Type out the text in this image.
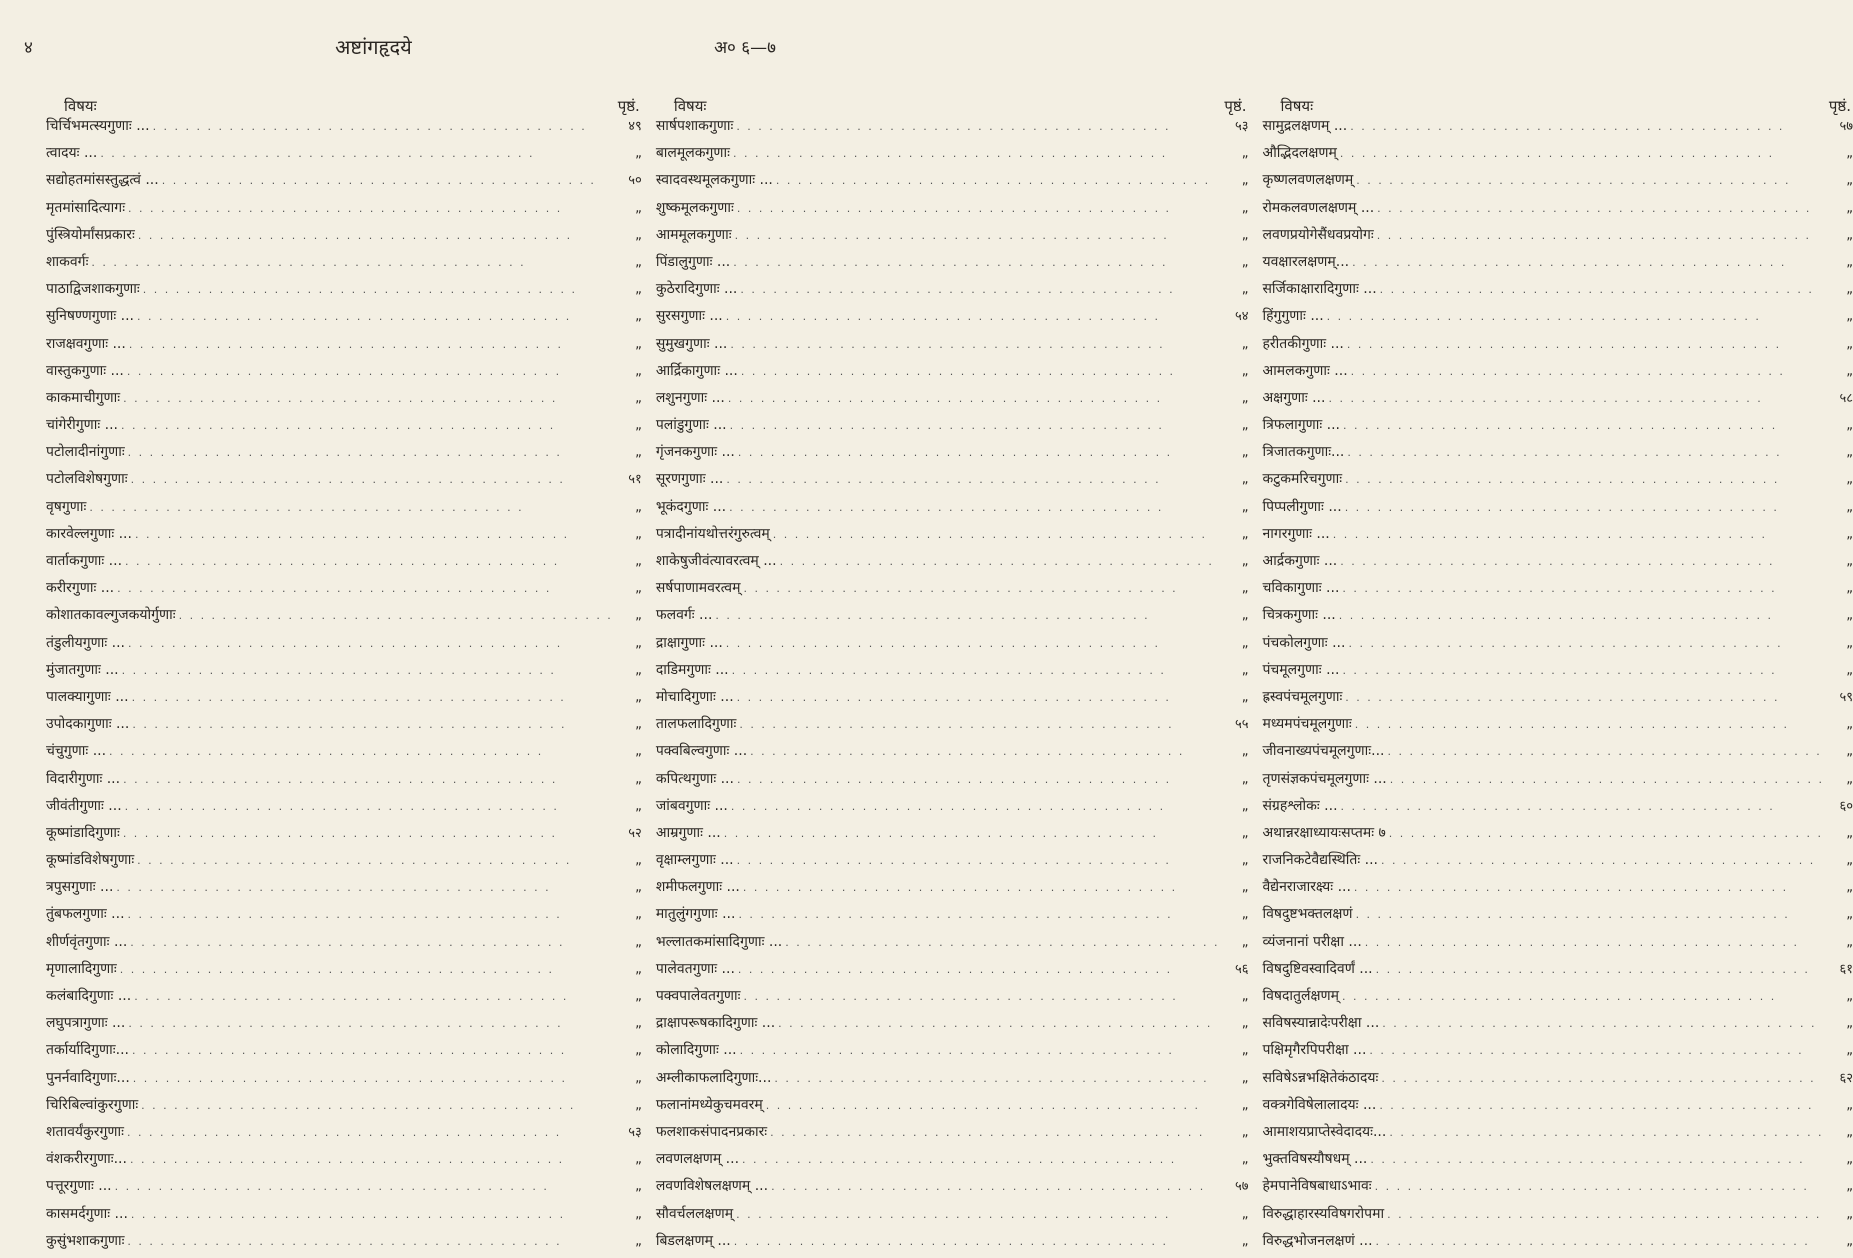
४	अष्टांगहृदये	अ० ६—७
विषयः	पृष्ठं.
चिर्चिभमत्स्यगुणाः ... . . .	४९
त्वादयः ... . . .	„
सद्योहतमांसस्तुद्धत्वं ... . . .	५०
मृतमांसादित्यागः . . .	„
पुंस्त्रियोर्मांसप्रकारः . . .	„
शाकवर्गः . . .	„
पाठाद्विजशाकगुणाः . . .	„
सुनिषण्णगुणाः ... . . .	„
राजक्षवगुणाः ... . . .	„
वास्तुकगुणाः ... . . .	„
काकमाचीगुणाः . . .	„
चांगेरीगुणाः ... . . .	„
पटोलादीनांगुणाः . . .	„
पटोलविशेषगुणाः . . .	५१
वृषगुणाः . . .	„
कारवेल्लगुणाः ... . . .	„
वार्ताकगुणाः ... . . .	„
करीरगुणाः ... . . .	„
कोशातकावल्गुजकयोर्गुणाः . . .	„
तंडुलीयगुणाः ... . . .	„
मुंजातगुणाः ... . . .	„
पालक्यागुणाः ... . . .	„
उपोदकागुणाः ... . . .	„
चंचुगुणाः ... . . .	„
विदारीगुणाः ... . . .	„
जीवंतीगुणाः ... . . .	„
कूष्मांडादिगुणाः . . .	५२
कूष्मांडविशेषगुणाः . . .	„
त्रपुसगुणाः ... . . .	„
तुंबफलगुणाः ... . . .	„
शीर्णवृंतगुणाः ... . . .	„
मृणालादिगुणाः . . .	„
कलंबादिगुणाः ... . . .	„
लघुपत्रागुणाः ... . . .	„
तर्कार्यादिगुणाः... . . .	„
पुनर्नवादिगुणाः... . . .	„
चिरिबिल्वांकुरगुणाः . . .	„
शतावर्यंकुरगुणाः . . .	५३
वंशकरीरगुणाः... . . .	„
पत्तूरगुणाः ... . . .	„
कासमर्दगुणाः ... . . .	„
कुसुंभशाकगुणाः . . .	„
विषयः	पृष्ठं.
सार्षपशाकगुणाः . . .	५३
बालमूलकगुणाः . . .	„
स्वादवस्थमूलकगुणाः ... . . .	„
शुष्कमूलकगुणाः . . .	„
आममूलकगुणाः . . .	„
पिंडालुगुणाः ... . . .	„
कुठेरादिगुणाः ... . . .	„
सुरसगुणाः ... . . .	५४
सुमुखगुणाः ... . . .	„
आर्द्रिकागुणाः ... . . .	„
लशुनगुणाः ... . . .	„
पलांडुगुणाः ... . . .	„
गृंजनकगुणाः ... . . .	„
सूरणगुणाः ... . . .	„
भूकंदगुणाः ... . . .	„
पत्रादीनांयथोत्तरंगुरुत्वम् . . .	„
शाकेषुजीवंत्यावरत्वम् ... . . .	„
सर्षपाणामवरत्वम् . . .	„
फलवर्गः ... . . .	„
द्राक्षागुणाः ... . . .	„
दाडिमगुणाः ... . . .	„
मोचादिगुणाः ... . . .	„
तालफलादिगुणाः . . .	५५
पक्वबिल्वगुणाः ... . . .	„
कपित्थगुणाः ... . . .	„
जांबवगुणाः ... . . .	„
आम्रगुणाः ... . . .	„
वृक्षाम्लगुणाः ... . . .	„
शमीफलगुणाः ... . . .	„
मातुलुंगगुणाः ... . . .	„
भल्लातकमांसादिगुणाः ... . . .	„
पालेवतगुणाः ... . . .	५६
पक्वपालेवतगुणाः . . .	„
द्राक्षापरूषकादिगुणाः ... . . .	„
कोलादिगुणाः ... . . .	„
अम्लीकाफलादिगुणाः... . . .	„
फलानांमध्येकुचमवरम् . . .	„
फलशाकसंपादनप्रकारः . . .	„
लवणलक्षणम् ... . . .	„
लवणविशेषलक्षणम् ... . . .	५७
सौवर्चललक्षणम् . . .	„
बिडलक्षणम् ... . . .	„
विषयः	पृष्ठं.
सामुद्रलक्षणम् ... . . .	५७
औद्भिदलक्षणम् . . .	„
कृष्णलवणलक्षणम् . . .	„
रोमकलवणलक्षणम् ... . . .	„
लवणप्रयोगेसैंधवप्रयोगः . . .	„
यवक्षारलक्षणम्... . . .	„
सर्जिकाक्षारादिगुणाः ... . . .	„
हिंगुगुणाः ... . . .	„
हरीतकीगुणाः ... . . .	„
आमलकगुणाः ... . . .	„
अक्षगुणाः ... . . .	५८
त्रिफलागुणाः ... . . .	„
त्रिजातकगुणाः... . . .	„
कटुकमरिचगुणाः . . .	„
पिप्पलीगुणाः ... . . .	„
नागरगुणाः ... . . .	„
आर्द्रकगुणाः ... . . .	„
चविकागुणाः ... . . .	„
चित्रकगुणाः ... . . .	„
पंचकोलगुणाः ... . . .	„
पंचमूलगुणाः ... . . .	„
ह्रस्वपंचमूलगुणाः . . .	५९
मध्यमपंचमूलगुणाः . . .	„
जीवनाख्यपंचमूलगुणाः... . . .	„
तृणसंज्ञकपंचमूलगुणाः ... . . .	„
संग्रहश्लोकः ... . . .	६०
अथान्नरक्षाध्यायःसप्तमः ७ . . .	„
राजनिकटेवैद्यस्थितिः ... . . .	„
वैद्येनराजारक्ष्यः ... . . .	„
विषदुष्टभक्तलक्षणं . . .	„
व्यंजनानां परीक्षा ... . . .	„
विषदुष्टिवस्वादिवर्णं ... . . .	६१
विषदातुर्लक्षणम् . . .	„
सविषस्यान्नादेःपरीक्षा ... . . .	„
पक्षिमृगैरपिपरीक्षा ... . . .	„
सविषेऽन्नभक्षितेकंठादयः . . .	६२
वक्त्रगेविषेलालादयः ... . . .	„
आमाशयप्राप्तेस्वेदादयः... . . .	„
भुक्तविषस्यौषधम् ... . . .	„
हेमपानेविषबाधाऽभावः . . .	„
विरुद्धाहारस्यविषगरोपमा . . .	„
विरुद्धभोजनलक्षणं ... . . .	„
